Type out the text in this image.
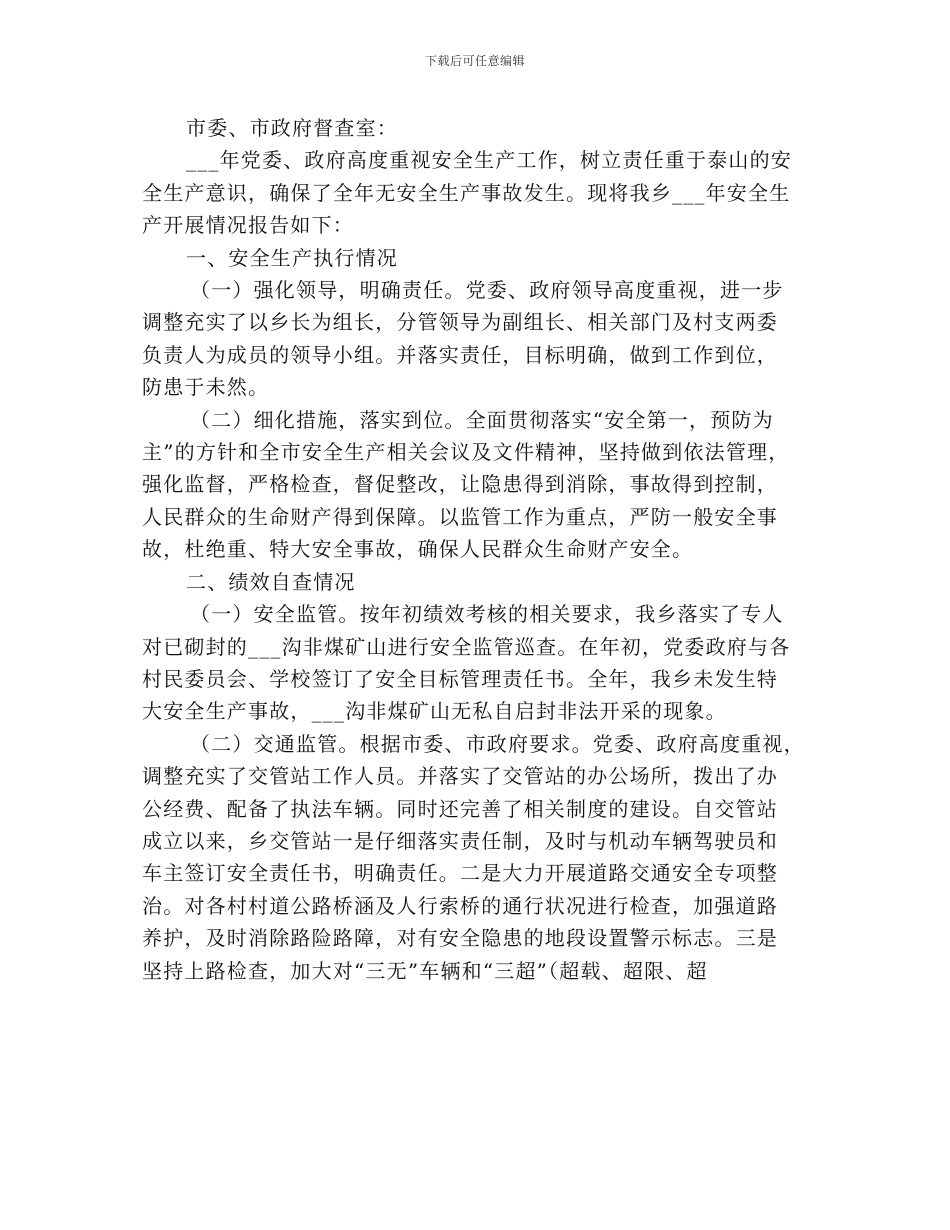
下载后可任意编辑
市委、市政府督查室：
___年党委、政府高度重视安全生产工作，树立责任重于泰山的安
全生产意识，确保了全年无安全生产事故发生。现将我乡___年安全生
产开展情况报告如下：
一、安全生产执行情况
（一）强化领导，明确责任。党委、政府领导高度重视，进一步
调整充实了以乡长为组长，分管领导为副组长、相关部门及村支两委
负责人为成员的领导小组。并落实责任，目标明确，做到工作到位，
防患于未然。
（二）细化措施，落实到位。全面贯彻落实“安全第一，预防为
主”的方针和全市安全生产相关会议及文件精神，坚持做到依法管理，
强化监督，严格检查，督促整改，让隐患得到消除，事故得到控制，
人民群众的生命财产得到保障。以监管工作为重点，严防一般安全事
故，杜绝重、特大安全事故，确保人民群众生命财产安全。
二、绩效自查情况
（一）安全监管。按年初绩效考核的相关要求，我乡落实了专人
对已砌封的___沟非煤矿山进行安全监管巡查。在年初，党委政府与各
村民委员会、学校签订了安全目标管理责任书。全年，我乡未发生特
大安全生产事故，___沟非煤矿山无私自启封非法开采的现象。
（二）交通监管。根据市委、市政府要求。党委、政府高度重视，
调整充实了交管站工作人员。并落实了交管站的办公场所，拨出了办
公经费、配备了执法车辆。同时还完善了相关制度的建设。自交管站
成立以来，乡交管站一是仔细落实责任制，及时与机动车辆驾驶员和
车主签订安全责任书，明确责任。二是大力开展道路交通安全专项整
治。对各村村道公路桥涵及人行索桥的通行状况进行检查，加强道路
养护，及时消除路险路障，对有安全隐患的地段设置警示标志。三是
坚持上路检查，加大对“三无”车辆和“三超”（超载、超限、超
